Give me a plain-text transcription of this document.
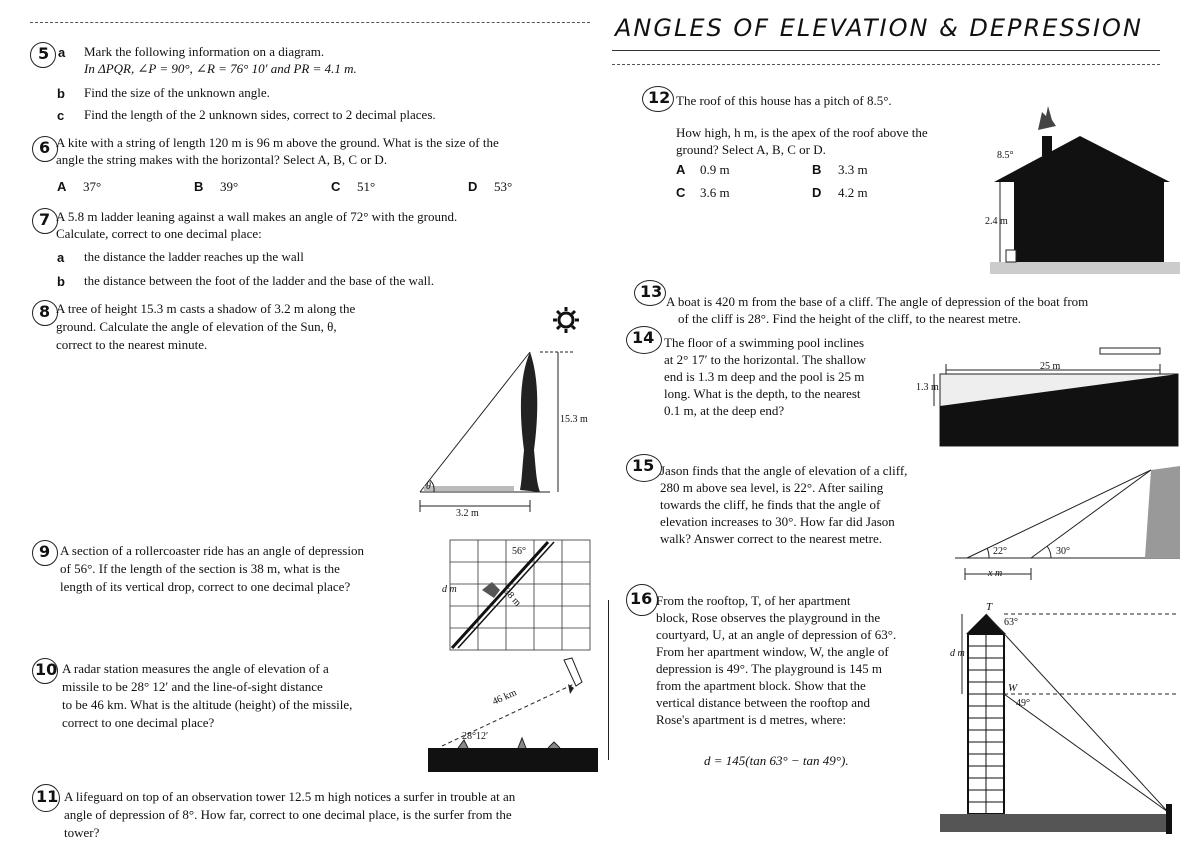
ANGLES OF ELEVATION & DEPRESSION
5 a Mark the following information on a diagram.
In ΔPQR, ∠P = 90°, ∠R = 76° 10′ and PR = 4.1 m.
b Find the size of the unknown angle.
c Find the length of the 2 unknown sides, correct to 2 decimal places.
6 A kite with a string of length 120 m is 96 m above the ground. What is the size of the
angle the string makes with the horizontal? Select A, B, C or D.
A 37°	B 39°	C 51°	D 53°
7 A 5.8 m ladder leaning against a wall makes an angle of 72° with the ground.
Calculate, correct to one decimal place:
a the distance the ladder reaches up the wall
b the distance between the foot of the ladder and the base of the wall.
8 A tree of height 15.3 m casts a shadow of 3.2 m along the
ground. Calculate the angle of elevation of the Sun, θ,
correct to the nearest minute.
15.3 m
3.2 m
θ
9 A section of a rollercoaster ride has an angle of depression
of 56°. If the length of the section is 38 m, what is the
length of its vertical drop, correct to one decimal place?
56°
38 m
d m
10 A radar station measures the angle of elevation of a
missile to be 28° 12′ and the line-of-sight distance
to be 46 km. What is the altitude (height) of the missile,
correct to one decimal place?
46 km
28°12′
11 A lifeguard on top of an observation tower 12.5 m high notices a surfer in trouble at an
angle of depression of 8°. How far, correct to one decimal place, is the surfer from the
tower?
12 The roof of this house has a pitch of 8.5°.
How high, h m, is the apex of the roof above the
ground? Select A, B, C or D.
A 0.9 m	B 3.3 m
C 3.6 m	D 4.2 m
8.5°
2.4 m
13
A boat is 420 m from the base of a cliff. The angle of depression of the boat from
of the cliff is 28°. Find the height of the cliff, to the nearest metre.
14 The floor of a swimming pool inclines
at 2° 17′ to the horizontal. The shallow
end is 1.3 m deep and the pool is 25 m
long. What is the depth, to the nearest
0.1 m, at the deep end?
25 m
1.3 m
2°17′
15 Jason finds that the angle of elevation of a cliff,
280 m above sea level, is 22°. After sailing
towards the cliff, he finds that the angle of
elevation increases to 30°. How far did Jason
walk? Answer correct to the nearest metre.
22°	30°
x m
16 From the rooftop, T, of her apartment
block, Rose observes the playground in the
courtyard, U, at an angle of depression of 63°.
From her apartment window, W, the angle of
depression is 49°. The playground is 145 m
from the apartment block. Show that the
vertical distance between the rooftop and
Rose's apartment is d metres, where:
d = 145(tan 63° − tan 49°).
T
W
d m
63°
49°
